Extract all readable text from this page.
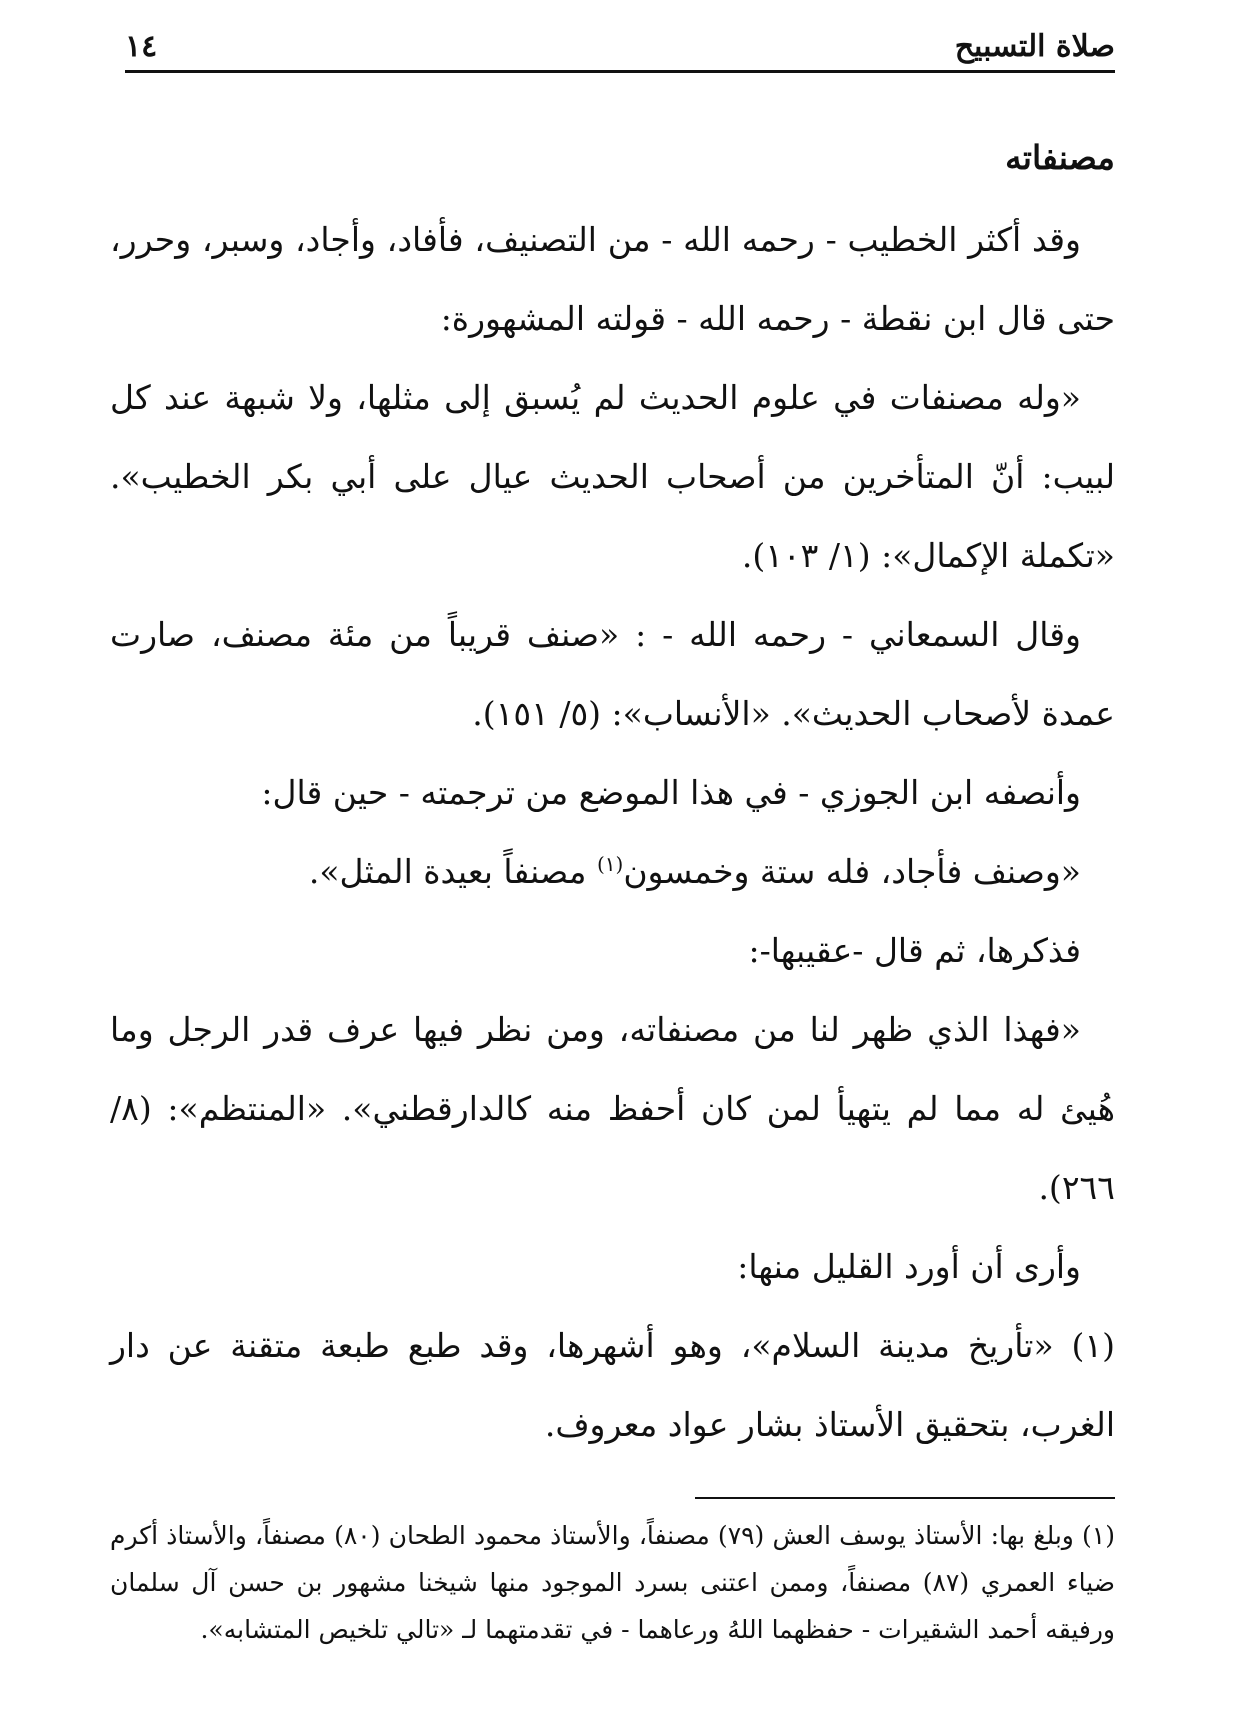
١٤	صلاة التسبيح

مصنفاته

وقد أكثر الخطيب - رحمه الله - من التصنيف، فأفاد، وأجاد، وسبر، وحرر، حتى قال ابن نقطة - رحمه الله - قولته المشهورة:

«وله مصنفات في علوم الحديث لم يُسبق إلى مثلها، ولا شبهة عند كل لبيب: أنّ المتأخرين من أصحاب الحديث عيال على أبي بكر الخطيب». «تكملة الإكمال»: (١/ ١٠٣).

وقال السمعاني - رحمه الله - : «صنف قريباً من مئة مصنف، صارت عمدة لأصحاب الحديث». «الأنساب»: (٥/ ١٥١).

وأنصفه ابن الجوزي - في هذا الموضع من ترجمته - حين قال:

«وصنف فأجاد، فله ستة وخمسون$^{(١)}$ مصنفاً بعيدة المثل».

فذكرها، ثم قال -عقيبها-:

«فهذا الذي ظهر لنا من مصنفاته، ومن نظر فيها عرف قدر الرجل وما هُيئ له مما لم يتهيأ لمن كان أحفظ منه كالدارقطني». «المنتظم»: (٨/ ٢٦٦).

وأرى أن أورد القليل منها:

(١) «تأريخ مدينة السلام»، وهو أشهرها، وقد طبع طبعة متقنة عن دار الغرب، بتحقيق الأستاذ بشار عواد معروف.

(١) وبلغ بها: الأستاذ يوسف العش (٧٩) مصنفاً، والأستاذ محمود الطحان (٨٠) مصنفاً، والأستاذ أكرم ضياء العمري (٨٧) مصنفاً، وممن اعتنى بسرد الموجود منها شيخنا مشهور بن حسن آل سلمان ورفيقه أحمد الشقيرات - حفظهما اللهُ ورعاهما - في تقدمتهما لـ «تالي تلخيص المتشابه».
